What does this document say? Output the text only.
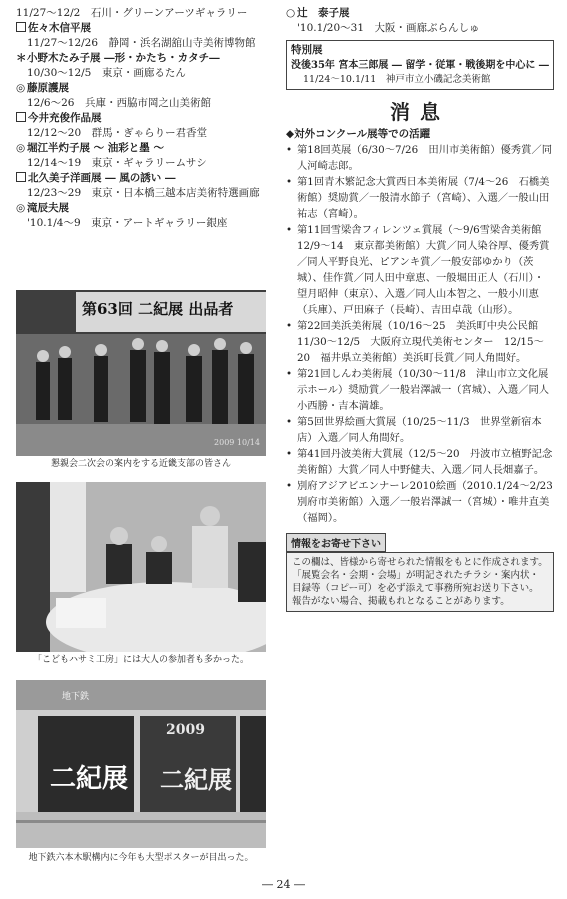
11/27～12/2　石川・グリーンアーツギャラリー
佐々木信平展
11/27～12/26　静岡・浜名湖舘山寺美術博物館
＊小野木たみ子展 ―形・かたち・カタチ―
10/30～12/5　東京・画廊るたん
◎ 藤原護展
12/6～26　兵庫・西脇市岡之山美術館
今井充俊作品展
12/12～20　群馬・ぎゃらりー君香堂
◎ 堀江半灼子展 ～ 油彩と墨 ～
12/14～19　東京・ギャラリームサシ
北久美子洋画展 ― 風の誘い ―
12/23～29　東京・日本橋三越本店美術特選画廊
◎ 滝辰夫展
'10.1/4～9　東京・アートギャラリー銀座
第63回 二紀展 出品者
2009 10/14
懇親会二次会の案内をする近畿支部の皆さん
「こどもハサミ工房」には大人の参加者も多かった。
地下鉄
二紀展
2009
二紀展
地下鉄六本木駅構内に今年も大型ポスターが目出った。
○ 辻　泰子展
'10.1/20～31　大阪・画廊ぶらんしゅ
特別展
没後35年 宮本三郎展 ― 留学・従軍・戦後期を中心に ―
11/24～10.1/11　神戸市立小磯記念美術館
消息
◆対外コンクール展等での活躍
• 第18回英展（6/30～7/26　田川市美術館）優秀賞／同人河崎志郎。
• 第1回青木繁記念大賞西日本美術展（7/4～26　石橋美術館）奨励賞／一般清水節子（宮崎）、入選／一般山田祐志（宮崎）。
• 第11回雪梁舎フィレンツェ賞展（～9/6雪梁舎美術館　12/9～14　東京都美術館）大賞／同人染谷厚、優秀賞／同人平野良光、ピアンキ賞／一般安部ゆかり（茨城）、佳作賞／同人田中章恵、一般堀田正人（石川）・望月昭伸（東京）、入選／同人山本智之、一般小川恵（兵庫）、戸田麻子（長崎）、吉田卓哉（山形）。
• 第22回美浜美術展（10/16～25　美浜町中央公民館　11/30～12/5　大阪府立現代美術センター　12/15～20　福井県立美術館）美浜町長賞／同人角間好。
• 第21回しんわ美術展（10/30～11/8　津山市立文化展示ホール）奨励賞／一般岩澤誠一（宮城）、入選／同人小西勝・吉本満雄。
• 第5回世界絵画大賞展（10/25～11/3　世界堂新宿本店）入選／同人角間好。
• 第41回丹波美術大賞展（12/5～20　丹波市立植野記念美術館）大賞／同人中野健夫、入選／同人長畑嘉子。
• 別府アジアビエンナーレ2010絵画（2010.1/24～2/23　別府市美術館）入選／一般岩澤誠一（宮城）・唯井直美（福岡）。
情報をお寄せ下さい
この欄は、皆様から寄せられた情報をもとに作成されます。「展覧会名・会期・会場」が明記されたチラシ・案内状・目録等（コピー可）を必ず添えて事務所宛お送り下さい。報告がない場合、掲載もれとなることがあります。
― 24 ―
